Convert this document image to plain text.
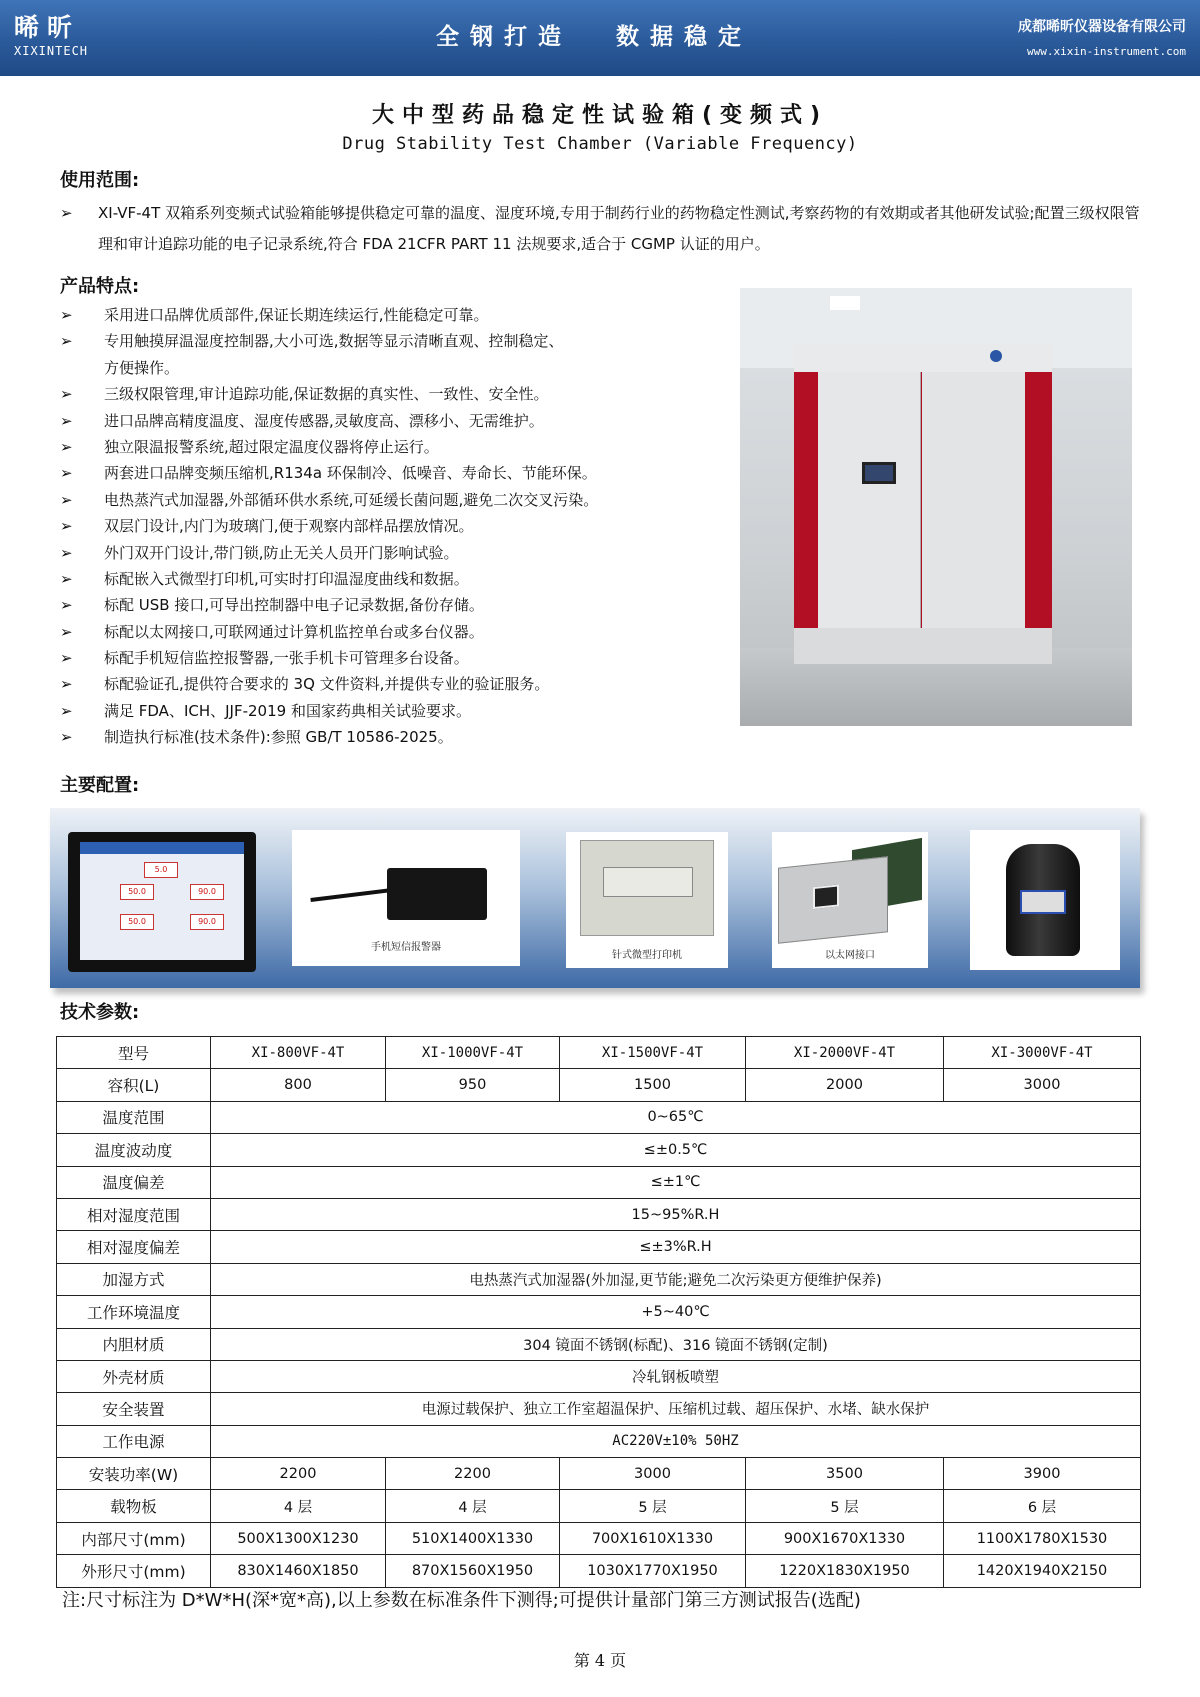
晞昕
XIXINTECH
全钢打造 数据稳定	成都晞昕仪器设备有限公司
www.xixin-instrument.com
大中型药品稳定性试验箱(变频式)
Drug Stability Test Chamber (Variable Frequency)
使用范围:
➢	XI-VF-4T 双箱系列变频式试验箱能够提供稳定可靠的温度、湿度环境,专用于制药行业的药物稳定性测试,考察药物的有效期或者其他研发试验;配置三级权限管理和审计追踪功能的电子记录系统,符合 FDA 21CFR PART 11 法规要求,适合于 CGMP 认证的用户。
产品特点:
➢ 采用进口品牌优质部件,保证长期连续运行,性能稳定可靠。
➢ 专用触摸屏温湿度控制器,大小可选,数据等显示清晰直观、控制稳定、
方便操作。
➢ 三级权限管理,审计追踪功能,保证数据的真实性、一致性、安全性。
➢ 进口品牌高精度温度、湿度传感器,灵敏度高、漂移小、无需维护。
➢ 独立限温报警系统,超过限定温度仪器将停止运行。
➢ 两套进口品牌变频压缩机,R134a 环保制冷、低噪音、寿命长、节能环保。
➢ 电热蒸汽式加湿器,外部循环供水系统,可延缓长菌问题,避免二次交叉污染。
➢ 双层门设计,内门为玻璃门,便于观察内部样品摆放情况。
➢ 外门双开门设计,带门锁,防止无关人员开门影响试验。
➢ 标配嵌入式微型打印机,可实时打印温湿度曲线和数据。
➢ 标配 USB 接口,可导出控制器中电子记录数据,备份存储。
➢ 标配以太网接口,可联网通过计算机监控单台或多台仪器。
➢ 标配手机短信监控报警器,一张手机卡可管理多台设备。
➢ 标配验证孔,提供符合要求的 3Q 文件资料,并提供专业的验证服务。
➢ 满足 FDA、ICH、JJF-2019 和国家药典相关试验要求。
➢ 制造执行标准(技术条件):参照 GB/T 10586-2025。
主要配置:
5.0
50.0	90.0
50.0	90.0
手机短信报警器
针式微型打印机	以太网接口
技术参数:
型号	XI-800VF-4T	XI-1000VF-4T	XI-1500VF-4T	XI-2000VF-4T	XI-3000VF-4T
容积(L)	800	950	1500	2000	3000
温度范围	0~65℃				
温度波动度	≤±0.5℃				
温度偏差	≤±1℃				
相对湿度范围	15~95%R.H				
相对湿度偏差	≤±3%R.H				
加湿方式	电热蒸汽式加湿器(外加湿,更节能;避免二次污染更方便维护保养)				
工作环境温度	+5~40℃				
内胆材质	304 镜面不锈钢(标配)、316 镜面不锈钢(定制)				
外壳材质	冷轧钢板喷塑				
安全装置	电源过载保护、独立工作室超温保护、压缩机过载、超压保护、水堵、缺水保护				
工作电源	AC220V±10% 50HZ				
安装功率(W)	2200	2200	3000	3500	3900
载物板	4 层	4 层	5 层	5 层	6 层
内部尺寸(mm)	500X1300X1230	510X1400X1330	700X1610X1330	900X1670X1330	1100X1780X1530
外形尺寸(mm)	830X1460X1850	870X1560X1950	1030X1770X1950	1220X1830X1950	1420X1940X2150
注:尺寸标注为 D*W*H(深*宽*高),以上参数在标准条件下测得;可提供计量部门第三方测试报告(选配)
第 4 页
